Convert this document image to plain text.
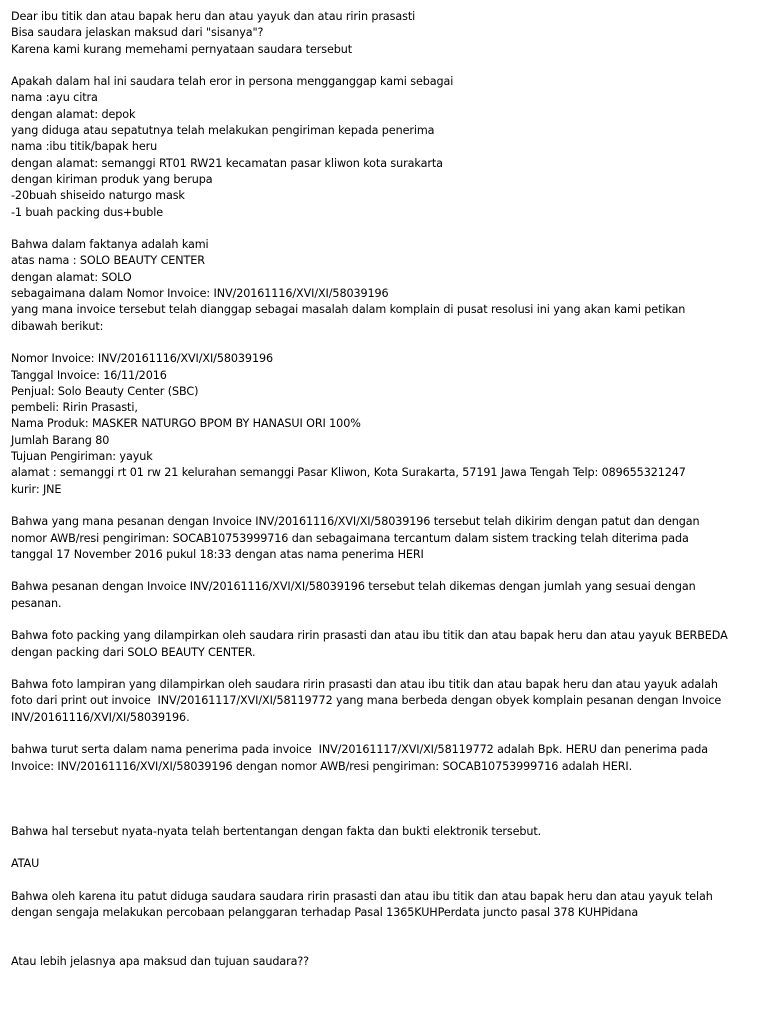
Dear ibu titik dan atau bapak heru dan atau yayuk dan atau ririn prasasti
Bisa saudara jelaskan maksud dari "sisanya"?
Karena kami kurang memehami pernyataan saudara tersebut
Apakah dalam hal ini saudara telah eror in persona mengganggap kami sebagai
nama :ayu citra
dengan alamat: depok
yang diduga atau sepatutnya telah melakukan pengiriman kepada penerima
nama :ibu titik/bapak heru
dengan alamat: semanggi RT01 RW21 kecamatan pasar kliwon kota surakarta
dengan kiriman produk yang berupa
-20buah shiseido naturgo mask
-1 buah packing dus+buble
Bahwa dalam faktanya adalah kami
atas nama : SOLO BEAUTY CENTER
dengan alamat: SOLO
sebagaimana dalam Nomor Invoice: INV/20161116/XVI/XI/58039196
yang mana invoice tersebut telah dianggap sebagai masalah dalam komplain di pusat resolusi ini yang akan kami petikan
dibawah berikut:
Nomor Invoice: INV/20161116/XVI/XI/58039196
Tanggal Invoice: 16/11/2016
Penjual: Solo Beauty Center (SBC)
pembeli: Ririn Prasasti,
Nama Produk: MASKER NATURGO BPOM BY HANASUI ORI 100%
Jumlah Barang 80
Tujuan Pengiriman: yayuk
alamat : semanggi rt 01 rw 21 kelurahan semanggi Pasar Kliwon, Kota Surakarta, 57191 Jawa Tengah Telp: 089655321247
kurir: JNE
Bahwa yang mana pesanan dengan Invoice INV/20161116/XVI/XI/58039196 tersebut telah dikirim dengan patut dan dengan
nomor AWB/resi pengiriman: SOCAB10753999716 dan sebagaimana tercantum dalam sistem tracking telah diterima pada
tanggal 17 November 2016 pukul 18:33 dengan atas nama penerima HERI
Bahwa pesanan dengan Invoice INV/20161116/XVI/XI/58039196 tersebut telah dikemas dengan jumlah yang sesuai dengan
pesanan.
Bahwa foto packing yang dilampirkan oleh saudara ririn prasasti dan atau ibu titik dan atau bapak heru dan atau yayuk BERBEDA
dengan packing dari SOLO BEAUTY CENTER.
Bahwa foto lampiran yang dilampirkan oleh saudara ririn prasasti dan atau ibu titik dan atau bapak heru dan atau yayuk adalah
foto dari print out invoice  INV/20161117/XVI/XI/58119772 yang mana berbeda dengan obyek komplain pesanan dengan Invoice
INV/20161116/XVI/XI/58039196.
bahwa turut serta dalam nama penerima pada invoice  INV/20161117/XVI/XI/58119772 adalah Bpk. HERU dan penerima pada
Invoice: INV/20161116/XVI/XI/58039196 dengan nomor AWB/resi pengiriman: SOCAB10753999716 adalah HERI.
Bahwa hal tersebut nyata-nyata telah bertentangan dengan fakta dan bukti elektronik tersebut.
ATAU
Bahwa oleh karena itu patut diduga saudara saudara ririn prasasti dan atau ibu titik dan atau bapak heru dan atau yayuk telah
dengan sengaja melakukan percobaan pelanggaran terhadap Pasal 1365KUHPerdata juncto pasal 378 KUHPidana
Atau lebih jelasnya apa maksud dan tujuan saudara??
